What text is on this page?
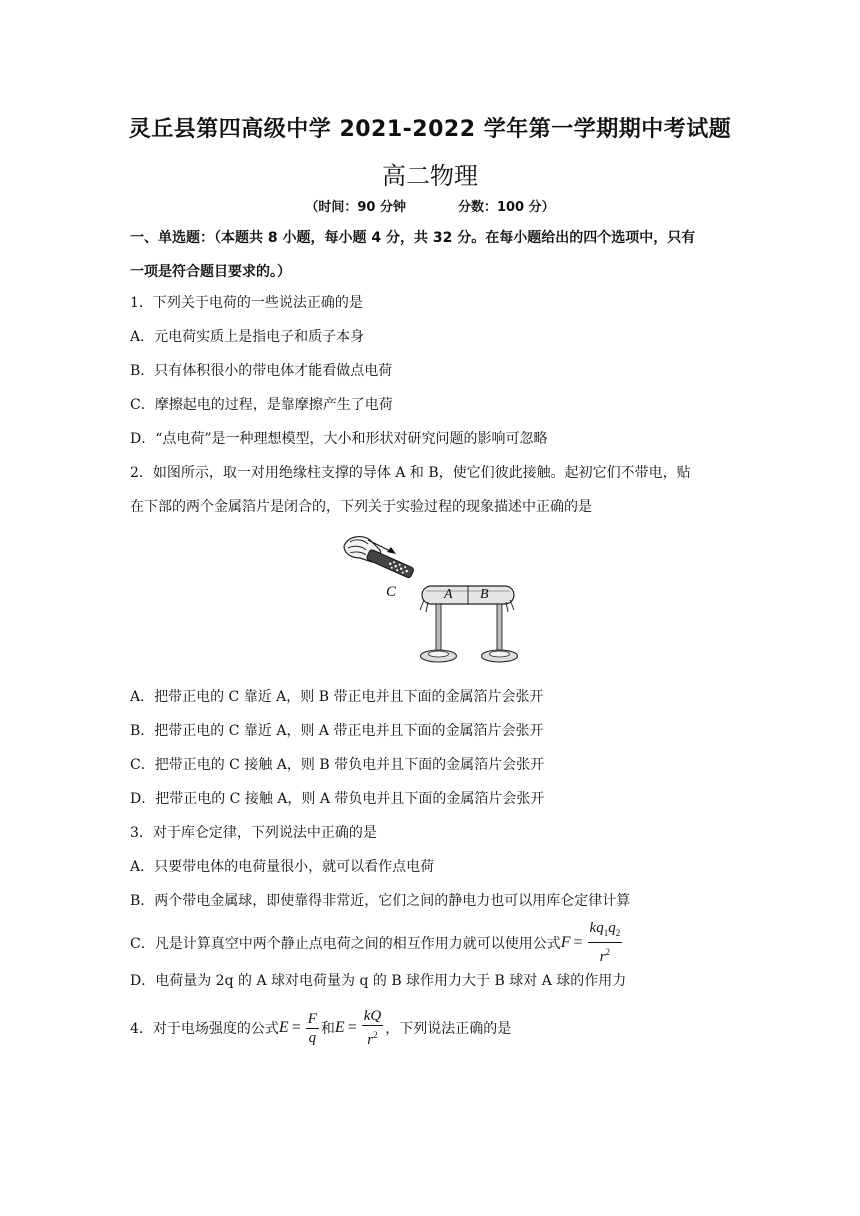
灵丘县第四高级中学 2021-2022 学年第一学期期中考试题
高二物理
（时间：90 分钟	分数：100 分）
一、单选题：（本题共 8 小题，每小题 4 分，共 32 分。在每小题给出的四个选项中，只有
一项是符合题目要求的。）
1．下列关于电荷的一些说法正确的是
A．元电荷实质上是指电子和质子本身
B．只有体积很小的带电体才能看做点电荷
C．摩擦起电的过程，是靠摩擦产生了电荷
D．“点电荷”是一种理想模型，大小和形状对研究问题的影响可忽略
2．如图所示，取一对用绝缘柱支撑的导体 A 和 B，使它们彼此接触。起初它们不带电，贴
在下部的两个金属箔片是闭合的，下列关于实验过程的现象描述中正确的是
C	A B
A．把带正电的 C 靠近 A，则 B 带正电并且下面的金属箔片会张开
B．把带正电的 C 靠近 A，则 A 带正电并且下面的金属箔片会张开
C．把带正电的 C 接触 A，则 B 带负电并且下面的金属箔片会张开
D．把带正电的 C 接触 A，则 A 带负电并且下面的金属箔片会张开
3．对于库仑定律，下列说法中正确的是
A．只要带电体的电荷量很小，就可以看作点电荷
B．两个带电金属球，即使靠得非常近，它们之间的静电力也可以用库仑定律计算
C．凡是计算真空中两个静止点电荷之间的相互作用力就可以使用公式 $F = \frac{kq_1q_2}{r^2}$
D．电荷量为 2q 的 A 球对电荷量为 q 的 B 球作用力大于 B 球对 A 球的作用力
4．对于电场强度的公式 $E = \frac{F}{q}$ 和 $E = \frac{kQ}{r^2}$ ，下列说法正确的是
